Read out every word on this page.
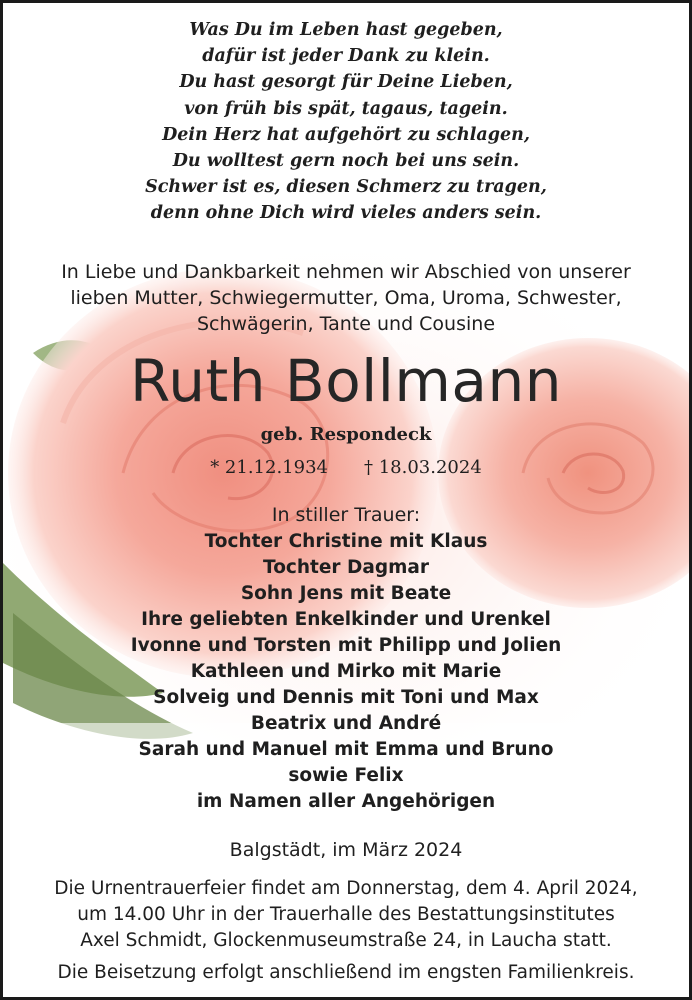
Was Du im Leben hast gegeben,
dafür ist jeder Dank zu klein.
Du hast gesorgt für Deine Lieben,
von früh bis spät, tagaus, tagein.
Dein Herz hat aufgehört zu schlagen,
Du wolltest gern noch bei uns sein.
Schwer ist es, diesen Schmerz zu tragen,
denn ohne Dich wird vieles anders sein.
In Liebe und Dankbarkeit nehmen wir Abschied von unserer
lieben Mutter, Schwiegermutter, Oma, Uroma, Schwester,
Schwägerin, Tante und Cousine
Ruth Bollmann
geb. Respondeck
* 21.12.1934 † 18.03.2024
In stiller Trauer:
Tochter Christine mit Klaus
Tochter Dagmar
Sohn Jens mit Beate
Ihre geliebten Enkelkinder und Urenkel
Ivonne und Torsten mit Philipp und Jolien
Kathleen und Mirko mit Marie
Solveig und Dennis mit Toni und Max
Beatrix und André
Sarah und Manuel mit Emma und Bruno
sowie Felix
im Namen aller Angehörigen
Balgstädt, im März 2024
Die Urnentrauerfeier findet am Donnerstag, dem 4. April 2024,
um 14.00 Uhr in der Trauerhalle des Bestattungsinstitutes
Axel Schmidt, Glockenmuseumstraße 24, in Laucha statt.
Die Beisetzung erfolgt anschließend im engsten Familienkreis.
